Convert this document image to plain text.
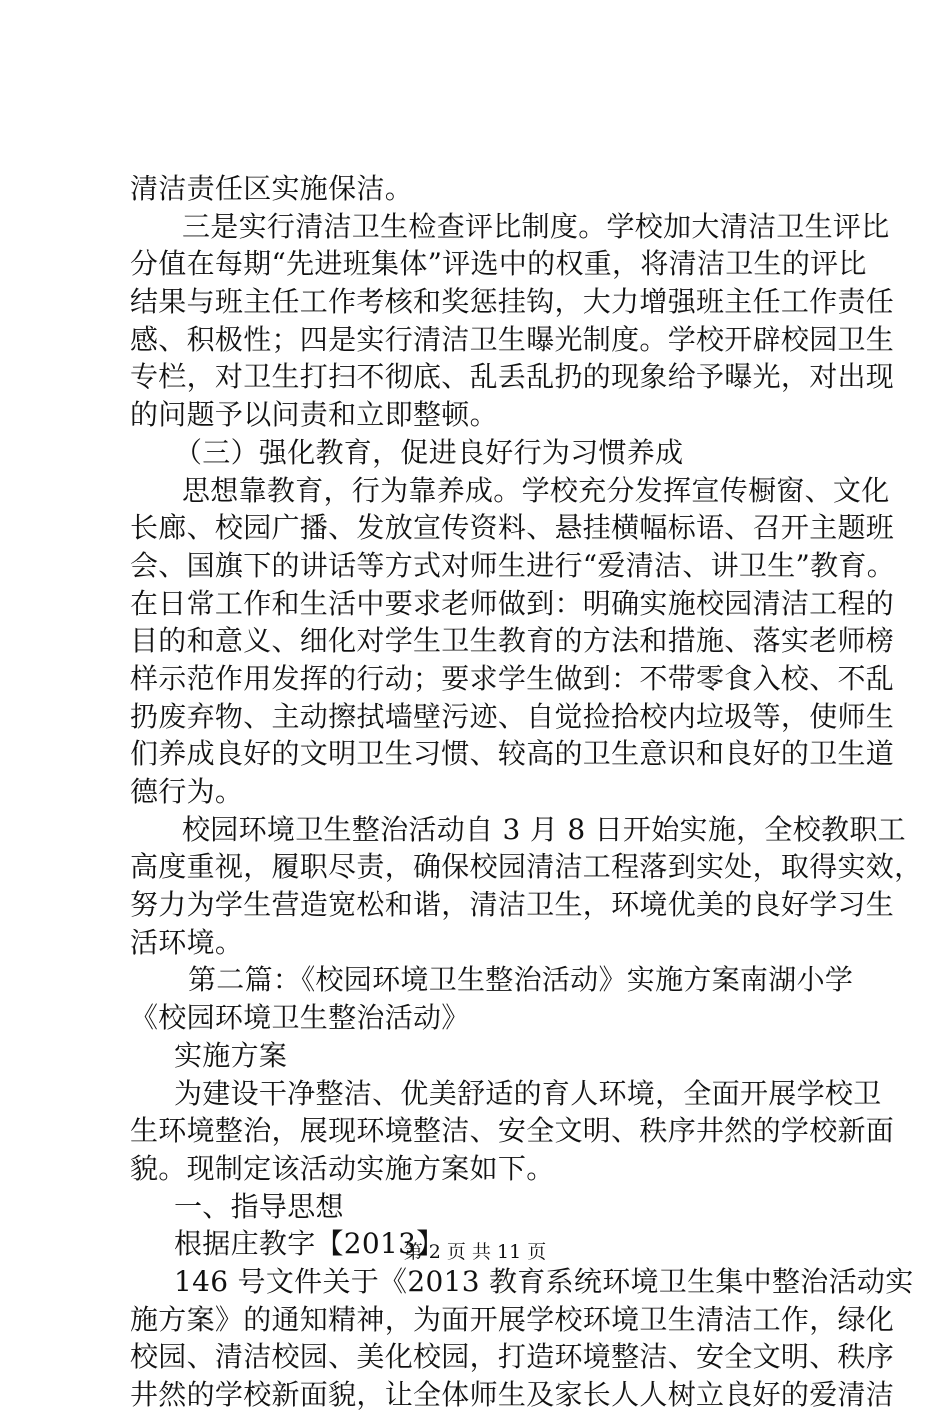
清洁责任区实施保洁。
三是实行清洁卫生检查评比制度。学校加大清洁卫生评比
分值在每期“先进班集体”评选中的权重，将清洁卫生的评比
结果与班主任工作考核和奖惩挂钩，大力增强班主任工作责任
感、积极性；四是实行清洁卫生曝光制度。学校开辟校园卫生
专栏，对卫生打扫不彻底、乱丢乱扔的现象给予曝光，对出现
的问题予以问责和立即整顿。
（三）强化教育，促进良好行为习惯养成
思想靠教育，行为靠养成。学校充分发挥宣传橱窗、文化
长廊、校园广播、发放宣传资料、悬挂横幅标语、召开主题班
会、国旗下的讲话等方式对师生进行“爱清洁、讲卫生”教育。
在日常工作和生活中要求老师做到：明确实施校园清洁工程的
目的和意义、细化对学生卫生教育的方法和措施、落实老师榜
样示范作用发挥的行动；要求学生做到：不带零食入校、不乱
扔废弃物、主动擦拭墙壁污迹、自觉捡拾校内垃圾等，使师生
们养成良好的文明卫生习惯、较高的卫生意识和良好的卫生道
德行为。
校园环境卫生整治活动自 3 月 8 日开始实施，全校教职工
高度重视，履职尽责，确保校园清洁工程落到实处，取得实效，
努力为学生营造宽松和谐，清洁卫生，环境优美的良好学习生
活环境。
第二篇：《校园环境卫生整治活动》实施方案南湖小学
《校园环境卫生整治活动》
实施方案
为建设干净整洁、优美舒适的育人环境，全面开展学校卫
生环境整治，展现环境整洁、安全文明、秩序井然的学校新面
貌。现制定该活动实施方案如下。
一、指导思想
根据庄教字【2013】
146 号文件关于《2013 教育系统环境卫生集中整治活动实
施方案》的通知精神，为面开展学校环境卫生清洁工作，绿化
校园、清洁校园、美化校园，打造环境整洁、安全文明、秩序
井然的学校新面貌，让全体师生及家长人人树立良好的爱清洁
第 2 页 共 11 页
